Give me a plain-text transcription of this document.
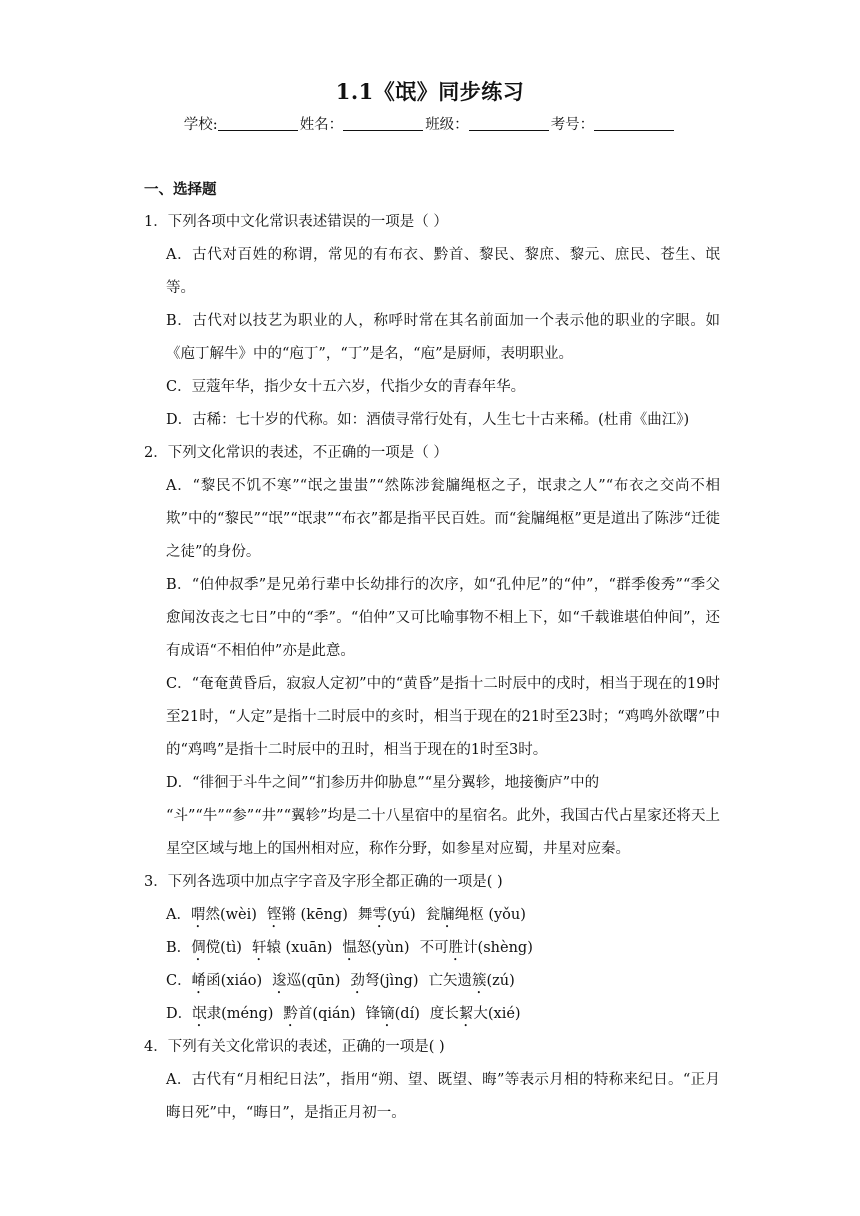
1.1《氓》同步练习
学校:	姓名：	班级：	考号：
一、选择题

1．下列各项中文化常识表述错误的一项是（ ）

A．古代对百姓的称谓，常见的有布衣、黔首、黎民、黎庶、黎元、庶民、苍生、氓等。

B．古代对以技艺为职业的人，称呼时常在其名前面加一个表示他的职业的字眼。如《庖丁解牛》中的“庖丁”，“丁”是名，“庖”是厨师，表明职业。

C．豆蔻年华，指少女十五六岁，代指少女的青春年华。

D．古稀：七十岁的代称。如：酒债寻常行处有，人生七十古来稀。(杜甫《曲江》)

2．下列文化常识的表述，不正确的一项是（ ）

A．“黎民不饥不寒”“氓之蚩蚩”“然陈涉瓮牖绳枢之子，氓隶之人”“布衣之交尚不相欺”中的“黎民”“氓”“氓隶”“布衣”都是指平民百姓。而“瓮牖绳枢”更是道出了陈涉“迁徙之徒”的身份。

B．“伯仲叔季”是兄弟行辈中长幼排行的次序，如“孔仲尼”的“仲”，“群季俊秀”“季父愈闻汝丧之七日”中的“季”。“伯仲”又可比喻事物不相上下，如“千载谁堪伯仲间”，还有成语“不相伯仲”亦是此意。

C．“奄奄黄昏后，寂寂人定初”中的“黄昏”是指十二时辰中的戌时，相当于现在的19时至21时，“人定”是指十二时辰中的亥时，相当于现在的21时至23时；“鸡鸣外欲曙”中的“鸡鸣”是指十二时辰中的丑时，相当于现在的1时至3时。

D．“徘徊于斗牛之间”“扪参历井仰胁息”“星分翼轸，地接衡庐”中的
“斗”“牛”“参”“井”“翼轸”均是二十八星宿中的星宿名。此外，我国古代占星家还将天上星空区域与地上的国州相对应，称作分野，如参星对应蜀，井星对应秦。

3．下列各选项中加点字字音及字形全都正确的一项是( )

A．喟然(wèi) 铿锵 (kēng) 舞雩(yú) 瓮牖绳枢 (yǒu)

B．倜傥(tì) 轩辕 (xuān) 愠怒(yùn) 不可胜计(shèng)

C．崤函(xiáo) 逡巡(qūn) 劲弩(jìng) 亡矢遗簇(zú)

D．氓隶(méng) 黔首(qián) 锋镝(dí) 度长絜大(xié)

4．下列有关文化常识的表述，正确的一项是( )

A．古代有“月相纪日法”，指用“朔、望、既望、晦”等表示月相的特称来纪日。“正月晦日死”中，“晦日”，是指正月初一。
